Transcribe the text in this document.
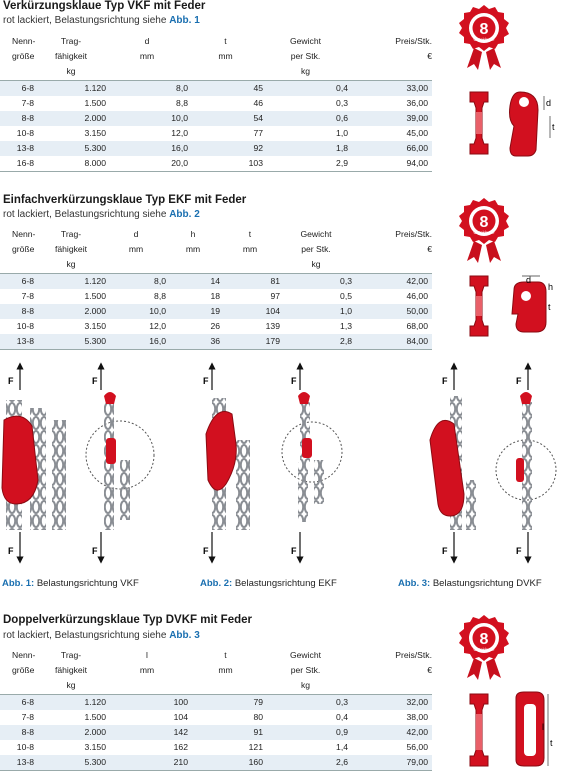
Verkürzungsklaue Typ VKF mit Feder
Nenn-	Trag-	d	t	Gewicht	Preis/Stk.
größe	fähigkeit	mm	mm	per Stk.	€
	kg			kg	
6-8	1.120	8,0	45	0,4	33,00
7-8	1.500	8,8	46	0,3	36,00
8-8	2.000	10,0	54	0,6	39,00
10-8	3.150	12,0	77	1,0	45,00
13-8	5.300	16,0	92	1,8	66,00
16-8	8.000	20,0	103	2,9	94,00
8
Güteklasse
d
t
Einfachverkürzungsklaue Typ EKF mit Feder
rot lackiert, Belastungsrichtung siehe Abb. 2
Nenn-	Trag-	d	h	t	Gewicht	Preis/Stk.
größe	fähigkeit	mm	mm	mm	per Stk.	€
	kg				kg	
6-8	1.120	8,0	14	81	0,3	42,00
7-8	1.500	8,8	18	97	0,5	46,00
8-8	2.000	10,0	19	104	1,0	50,00
10-8	3.150	12,0	26	139	1,3	68,00
13-8	5.300	16,0	36	179	2,8	84,00
8
Güteklasse
d
h
t
F
F
F
F
F
F
F
F
F
F
F
F
Abb. 1: Belastungsrichtung VKF	Abb. 2: Belastungsrichtung EKF	Abb. 3: Belastungsrichtung DVKF
Doppelverkürzungsklaue Typ DVKF mit Feder
rot lackiert, Belastungsrichtung siehe Abb. 3
Nenn-	Trag-	l	t	Gewicht	Preis/Stk.
größe	fähigkeit	mm	mm	per Stk.	€
	kg			kg	
6-8	1.120	100	79	0,3	32,00
7-8	1.500	104	80	0,4	38,00
8-8	2.000	142	91	0,9	42,00
10-8	3.150	162	121	1,4	56,00
13-8	5.300	210	160	2,6	79,00
8
Güteklasse
l
t
rot lackiert, Belastungsrichtung siehe Abb. 1
